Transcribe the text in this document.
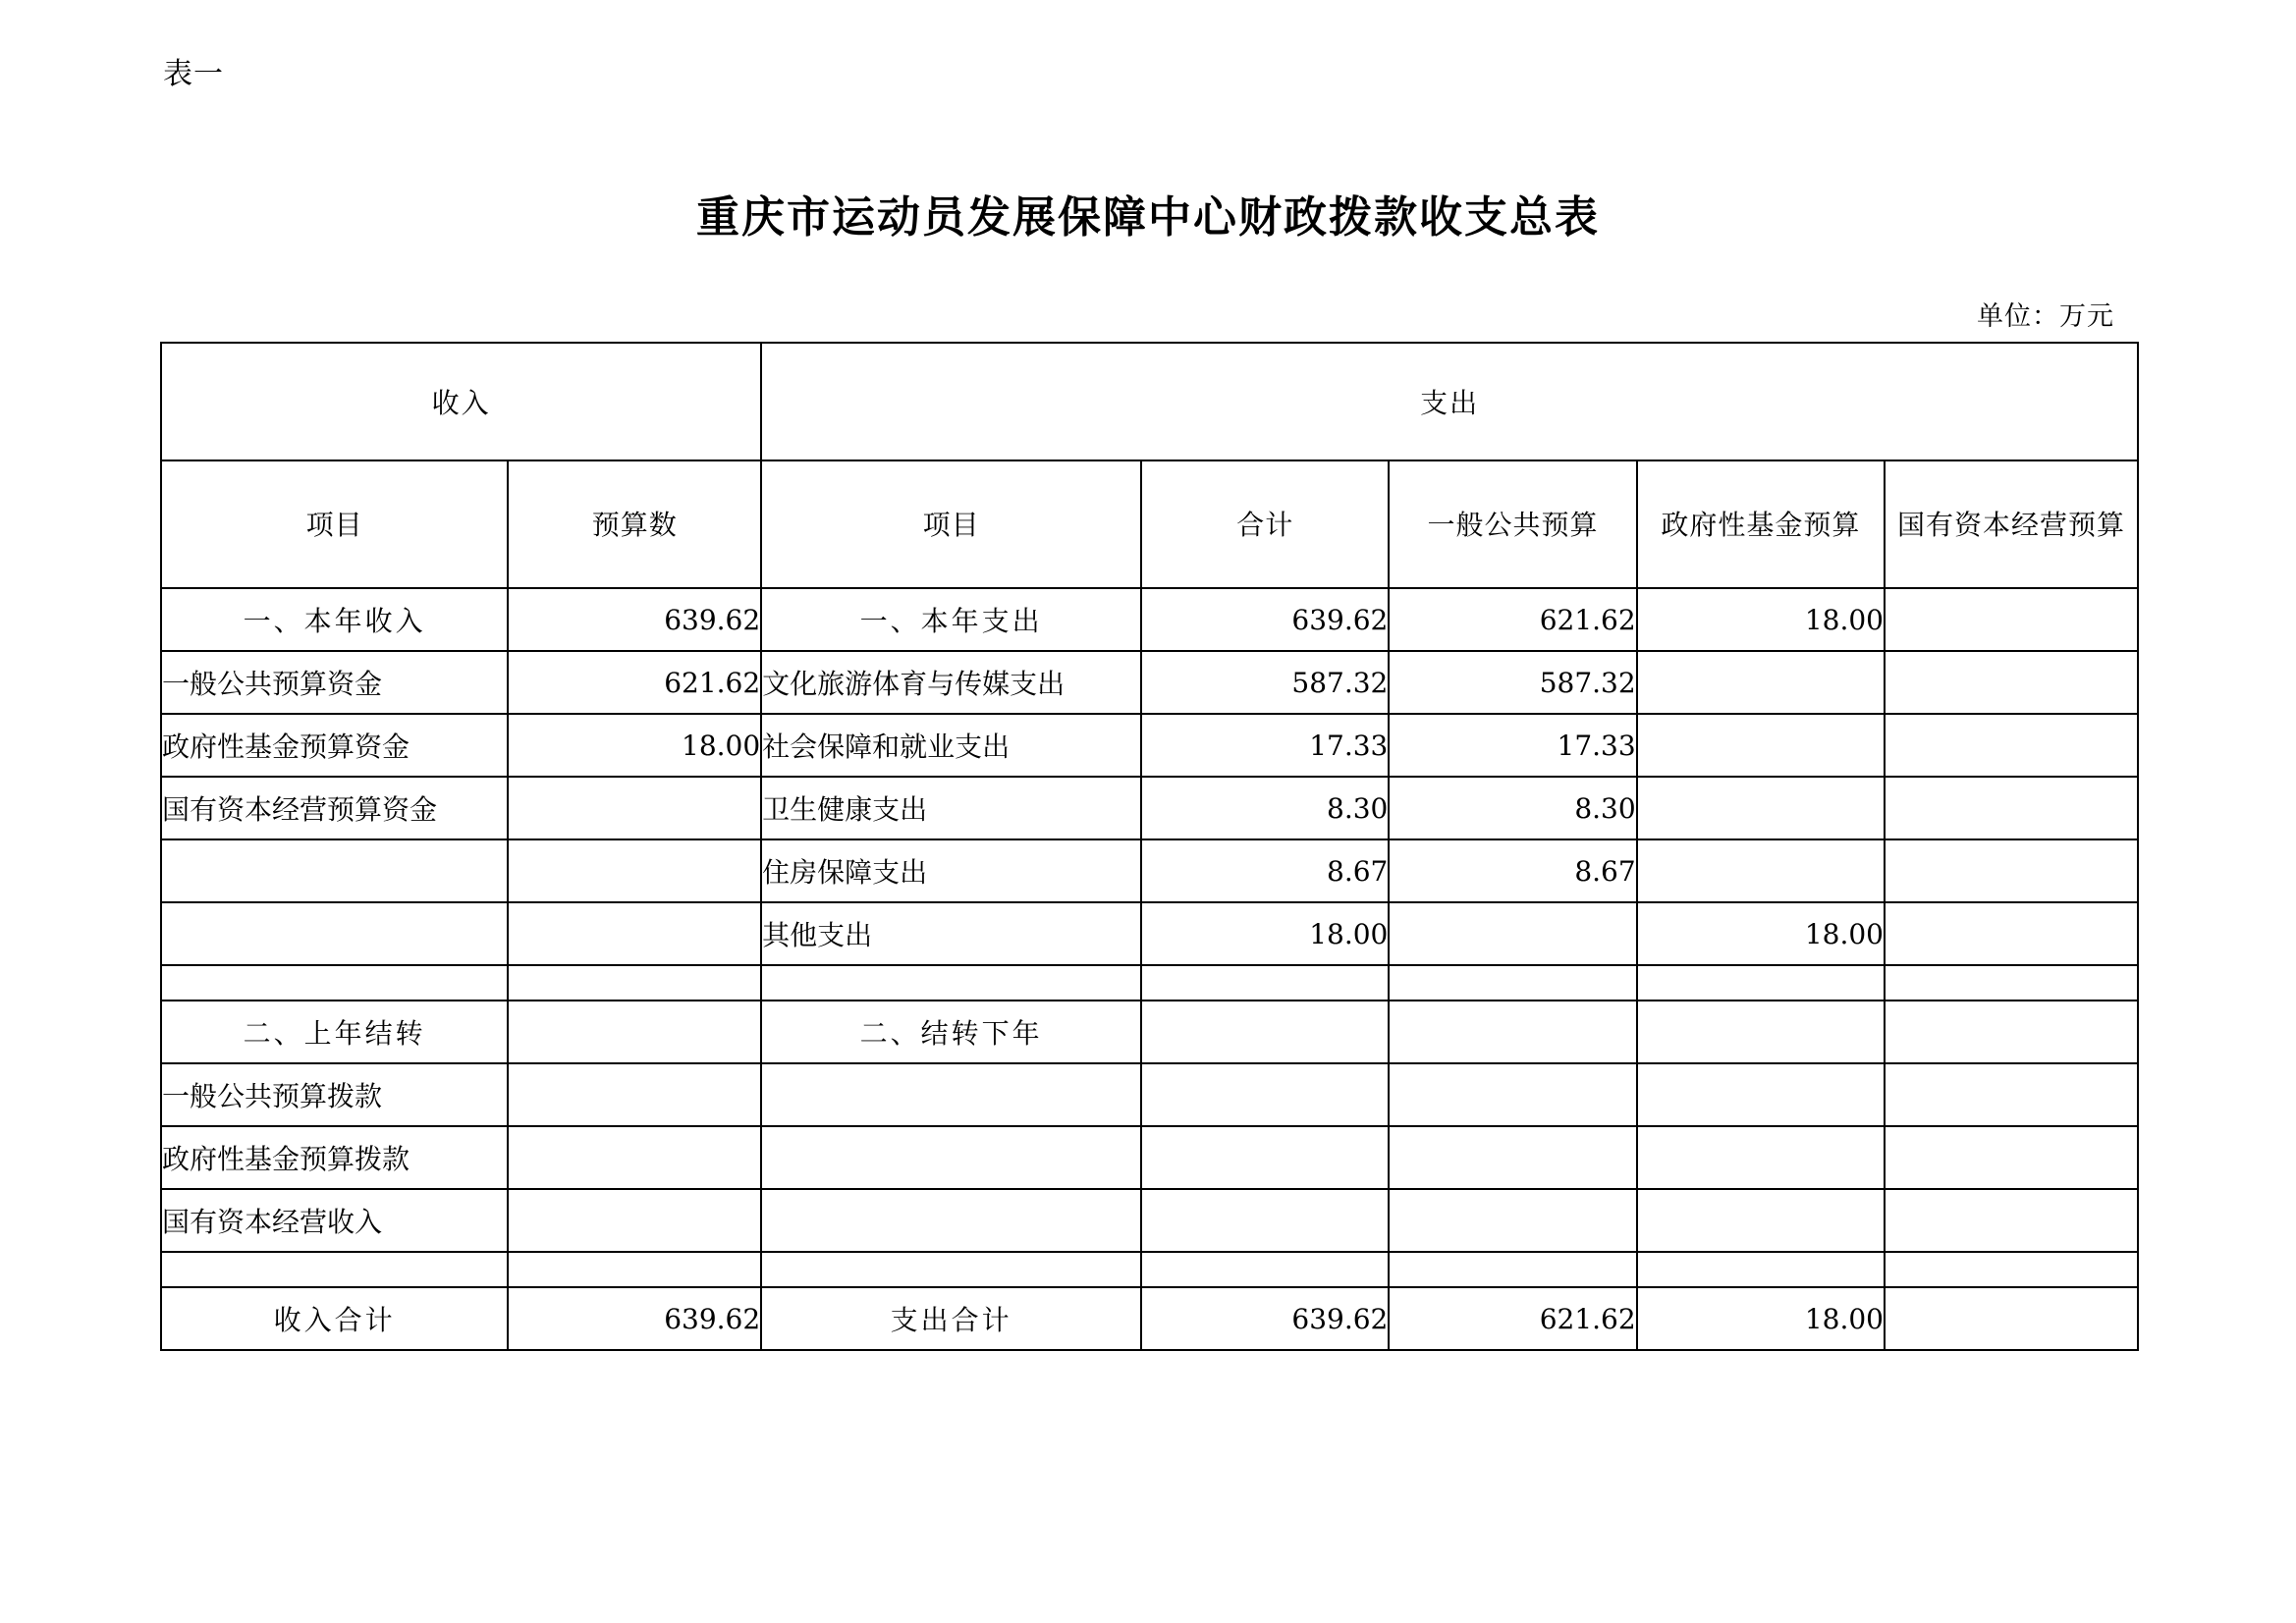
表一
重庆市运动员发展保障中心财政拨款收支总表
单位：万元
收入		支出				
项目	预算数	项目	合计	一般公共预算	政府性基金预算	国有资本经营预算
一、本年收入	639.62	一、本年支出	639.62	621.62	18.00	
一般公共预算资金	621.62	文化旅游体育与传媒支出	587.32	587.32		
政府性基金预算资金	18.00	社会保障和就业支出	17.33	17.33		
国有资本经营预算资金		卫生健康支出	8.30	8.30		
		住房保障支出	8.67	8.67		
		其他支出	18.00		18.00	

二、上年结转		二、结转下年				
一般公共预算拨款						
政府性基金预算拨款						
国有资本经营收入						

收入合计	639.62	支出合计	639.62	621.62	18.00	
